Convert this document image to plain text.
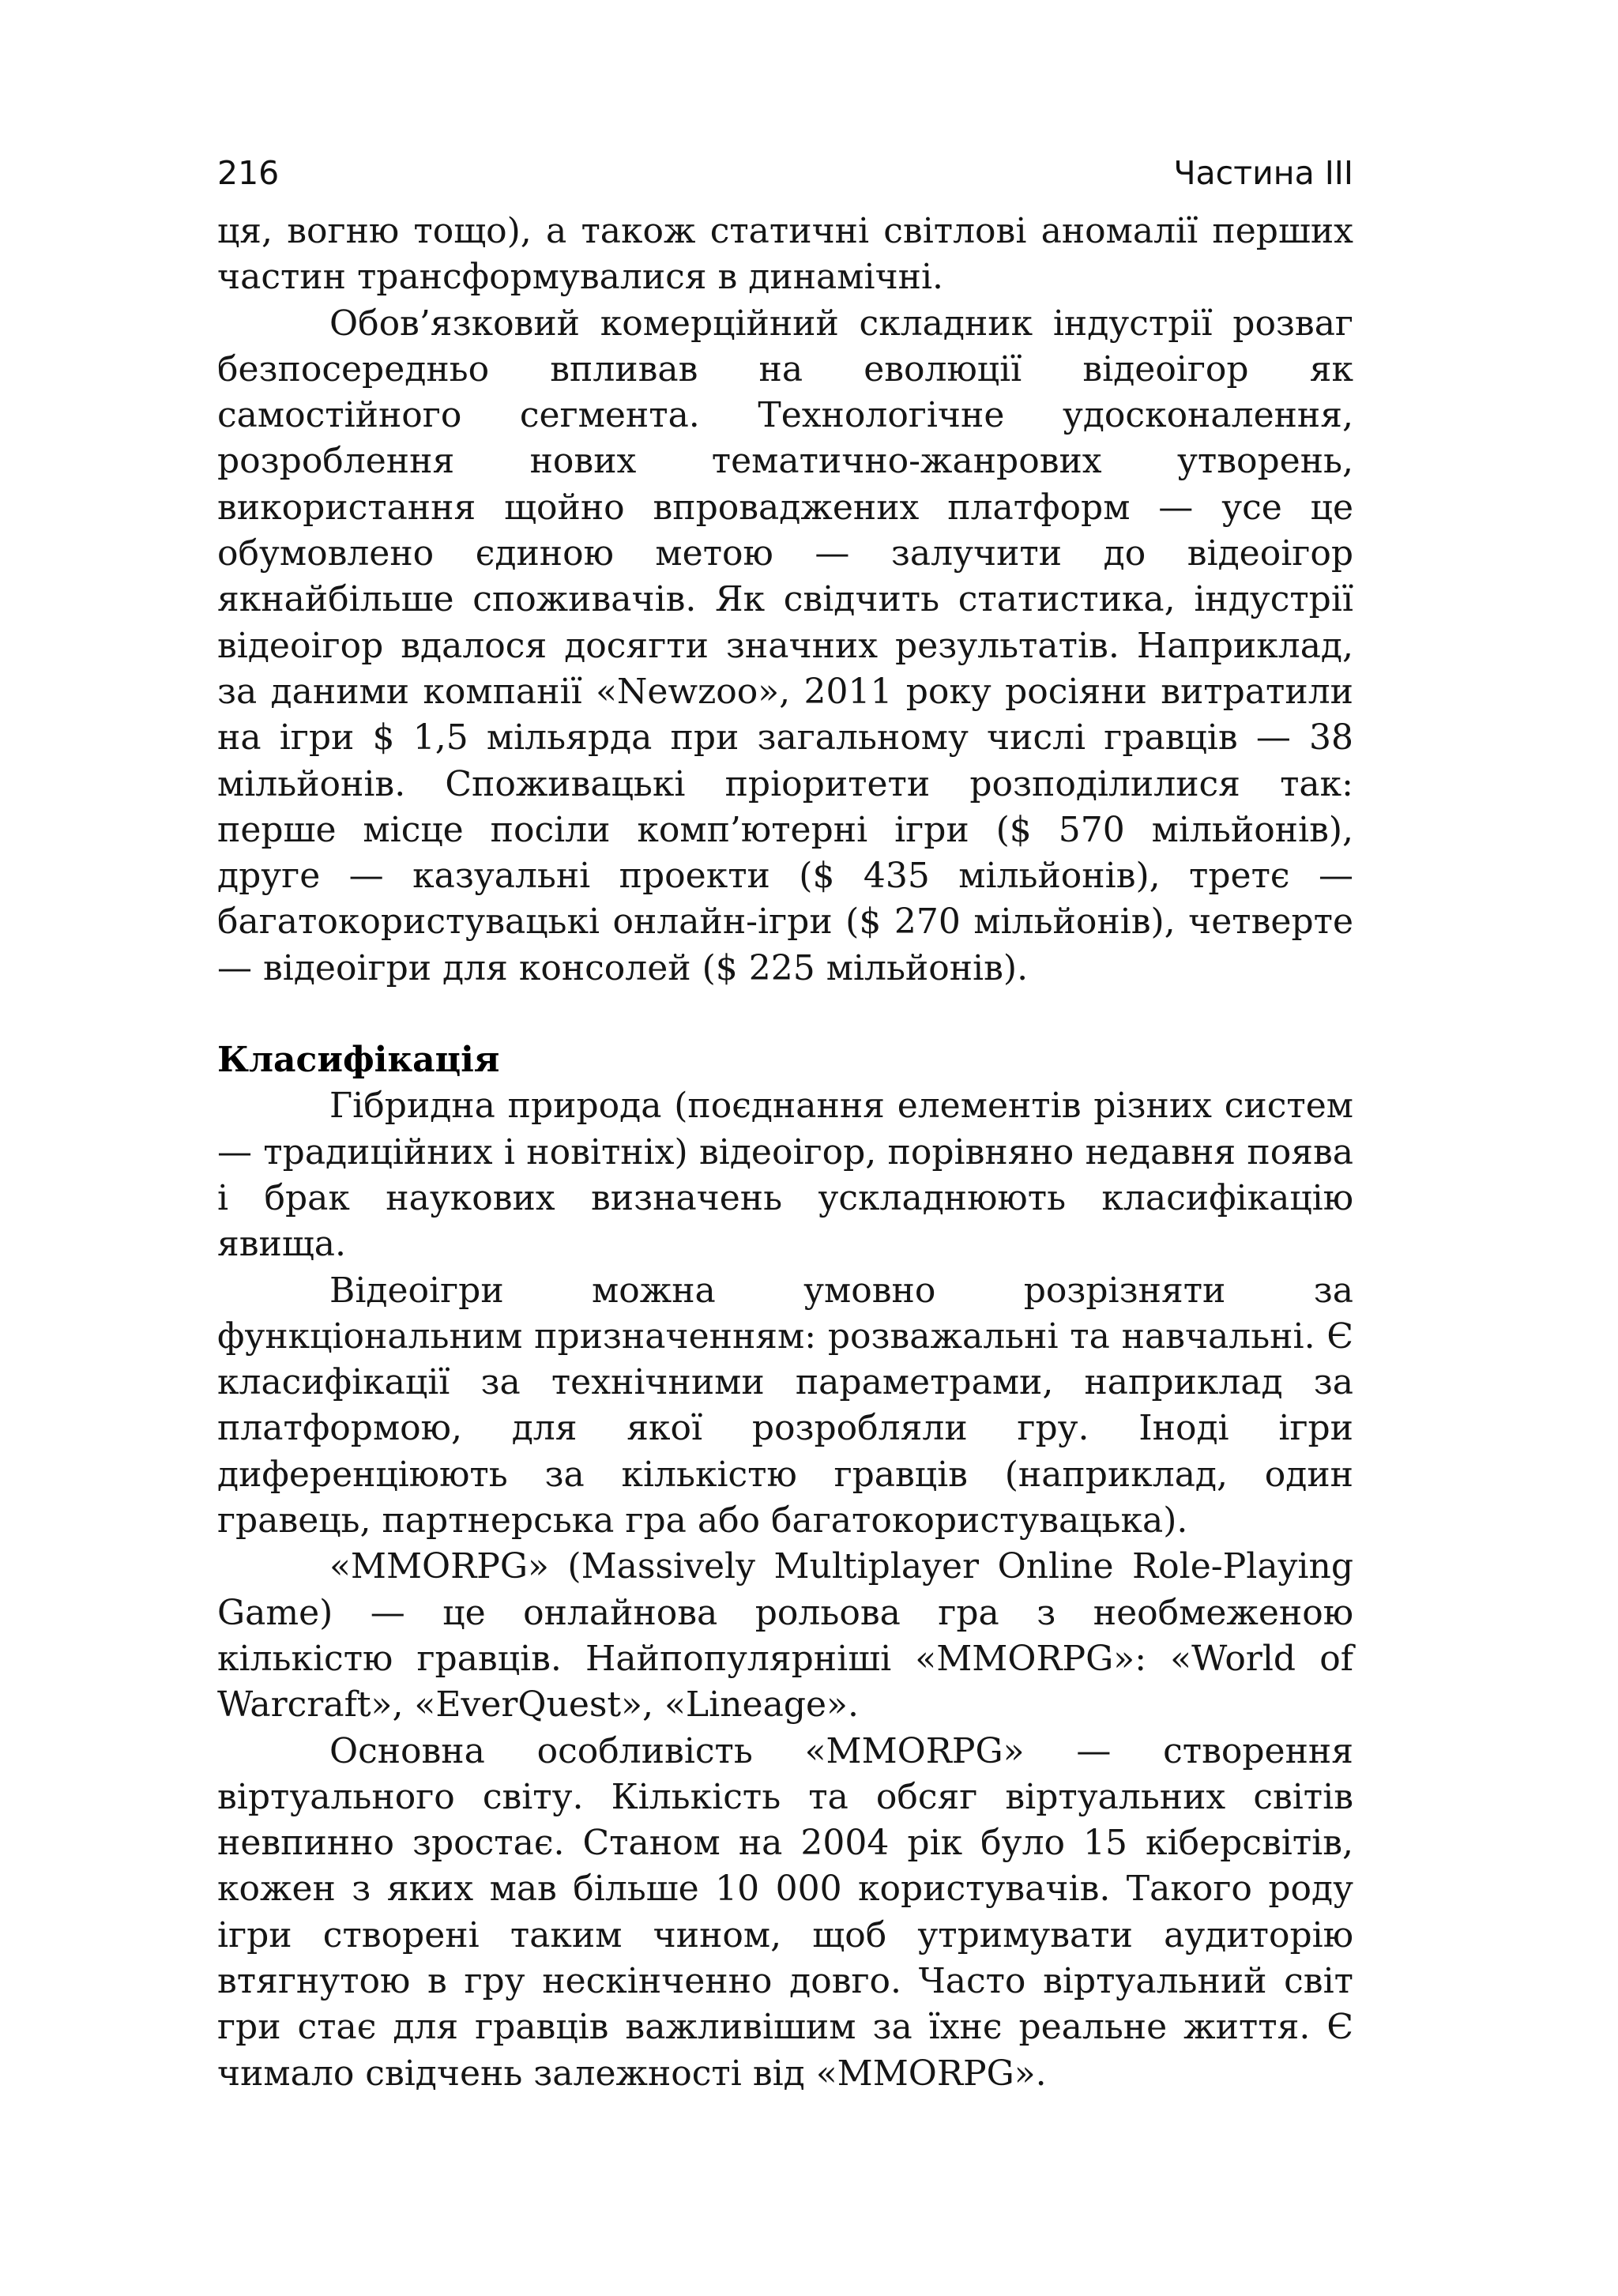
216	Частина III

ця, вогню тощо), а також статичні світлові аномалії перших частин трансформувалися в динамічні.

Обов’язковий комерційний складник індустрії розваг безпосередньо впливав на еволюції відеоігор як самостійного сегмента. Технологічне удосконалення, розроблення нових тематично-жанрових утворень, використання щойно впроваджених платформ — усе це обумовлено єдиною метою — залучити до відеоігор якнайбільше споживачів. Як свідчить статистика, індустрії відеоігор вдалося досягти значних результатів. Наприклад, за даними компанії «Newzoo», 2011 року росіяни витратили на ігри $ 1,5 мільярда при загальному числі гравців — 38 мільйонів. Споживацькі пріоритети розподілилися так: перше місце посіли комп’ютерні ігри ($ 570 мільйонів), друге — казуальні проекти ($ 435 мільйонів), третє — багатокористувацькі онлайн-ігри ($ 270 мільйонів), четверте — відеоігри для консолей ($ 225 мільйонів).

Класифікація

Гібридна природа (поєднання елементів різних систем — традиційних і новітніх) відеоігор, порівняно недавня поява і брак наукових визначень ускладнюють класифікацію явища.

Відеоігри можна умовно розрізняти за функціональним призначенням: розважальні та навчальні. Є класифікації за технічними параметрами, наприклад за платформою, для якої розробляли гру. Іноді ігри диференціюють за кількістю гравців (наприклад, один гравець, партнерська гра або багатокористувацька).

«MMORPG» (Massively Multiplayer Online Role-Playing Game) — це онлайнова рольова гра з необмеженою кількістю гравців. Найпопулярніші «MMORPG»: «World of Warcraft», «EverQuest», «Lineage».

Основна особливість «MMORPG» — створення віртуального світу. Кількість та обсяг віртуальних світів невпинно зростає. Станом на 2004 рік було 15 кіберсвітів, кожен з яких мав більше 10 000 користувачів. Такого роду ігри створені таким чином, щоб утримувати аудиторію втягнутою в гру нескінченно довго. Часто віртуальний світ гри стає для гравців важливішим за їхнє реальне життя. Є чимало свідчень залежності від «MMORPG».
